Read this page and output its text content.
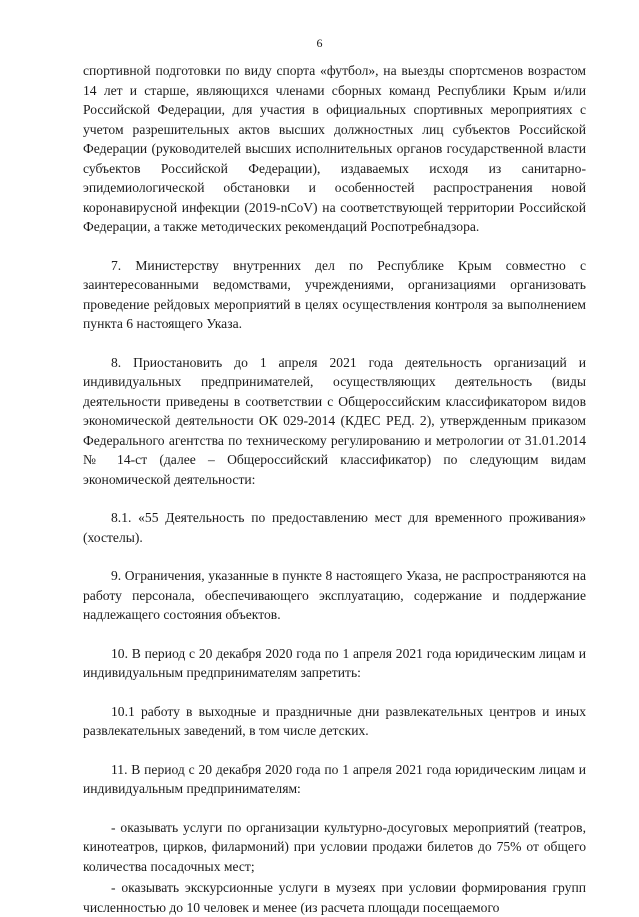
6

спортивной подготовки по виду спорта «футбол», на выезды спортсменов возрастом 14 лет и старше, являющихся членами сборных команд Республики Крым и/или Российской Федерации, для участия в официальных спортивных мероприятиях с учетом разрешительных актов высших должностных лиц субъектов Российской Федерации (руководителей высших исполнительных органов государственной власти субъектов Российской Федерации), издаваемых исходя из санитарно-эпидемиологической обстановки и особенностей распространения новой коронавирусной инфекции (2019-nCoV) на соответствующей территории Российской Федерации, а также методических рекомендаций Роспотребнадзора.

7. Министерству внутренних дел по Республике Крым совместно с заинтересованными ведомствами, учреждениями, организациями организовать проведение рейдовых мероприятий в целях осуществления контроля за выполнением пункта 6 настоящего Указа.

8. Приостановить до 1 апреля 2021 года деятельность организаций и индивидуальных предпринимателей, осуществляющих деятельность (виды деятельности приведены в соответствии с Общероссийским классификатором видов экономической деятельности ОК 029-2014 (КДЕС РЕД. 2), утвержденным приказом Федерального агентства по техническому регулированию и метрологии от 31.01.2014 № 14-ст (далее – Общероссийский классификатор) по следующим видам экономической деятельности:

8.1. «55 Деятельность по предоставлению мест для временного проживания» (хостелы).

9. Ограничения, указанные в пункте 8 настоящего Указа, не распространяются на работу персонала, обеспечивающего эксплуатацию, содержание и поддержание надлежащего состояния объектов.

10. В период с 20 декабря 2020 года по 1 апреля 2021 года юридическим лицам и индивидуальным предпринимателям запретить:

10.1 работу в выходные и праздничные дни развлекательных центров и иных развлекательных заведений, в том числе детских.

11. В период с 20 декабря 2020 года по 1 апреля 2021 года юридическим лицам и индивидуальным предпринимателям:

- оказывать услуги по организации культурно-досуговых мероприятий (театров, кинотеатров, цирков, филармоний) при условии продажи билетов до 75% от общего количества посадочных мест;

- оказывать экскурсионные услуги в музеях при условии формирования групп численностью до 10 человек и менее (из расчета площади посещаемого
